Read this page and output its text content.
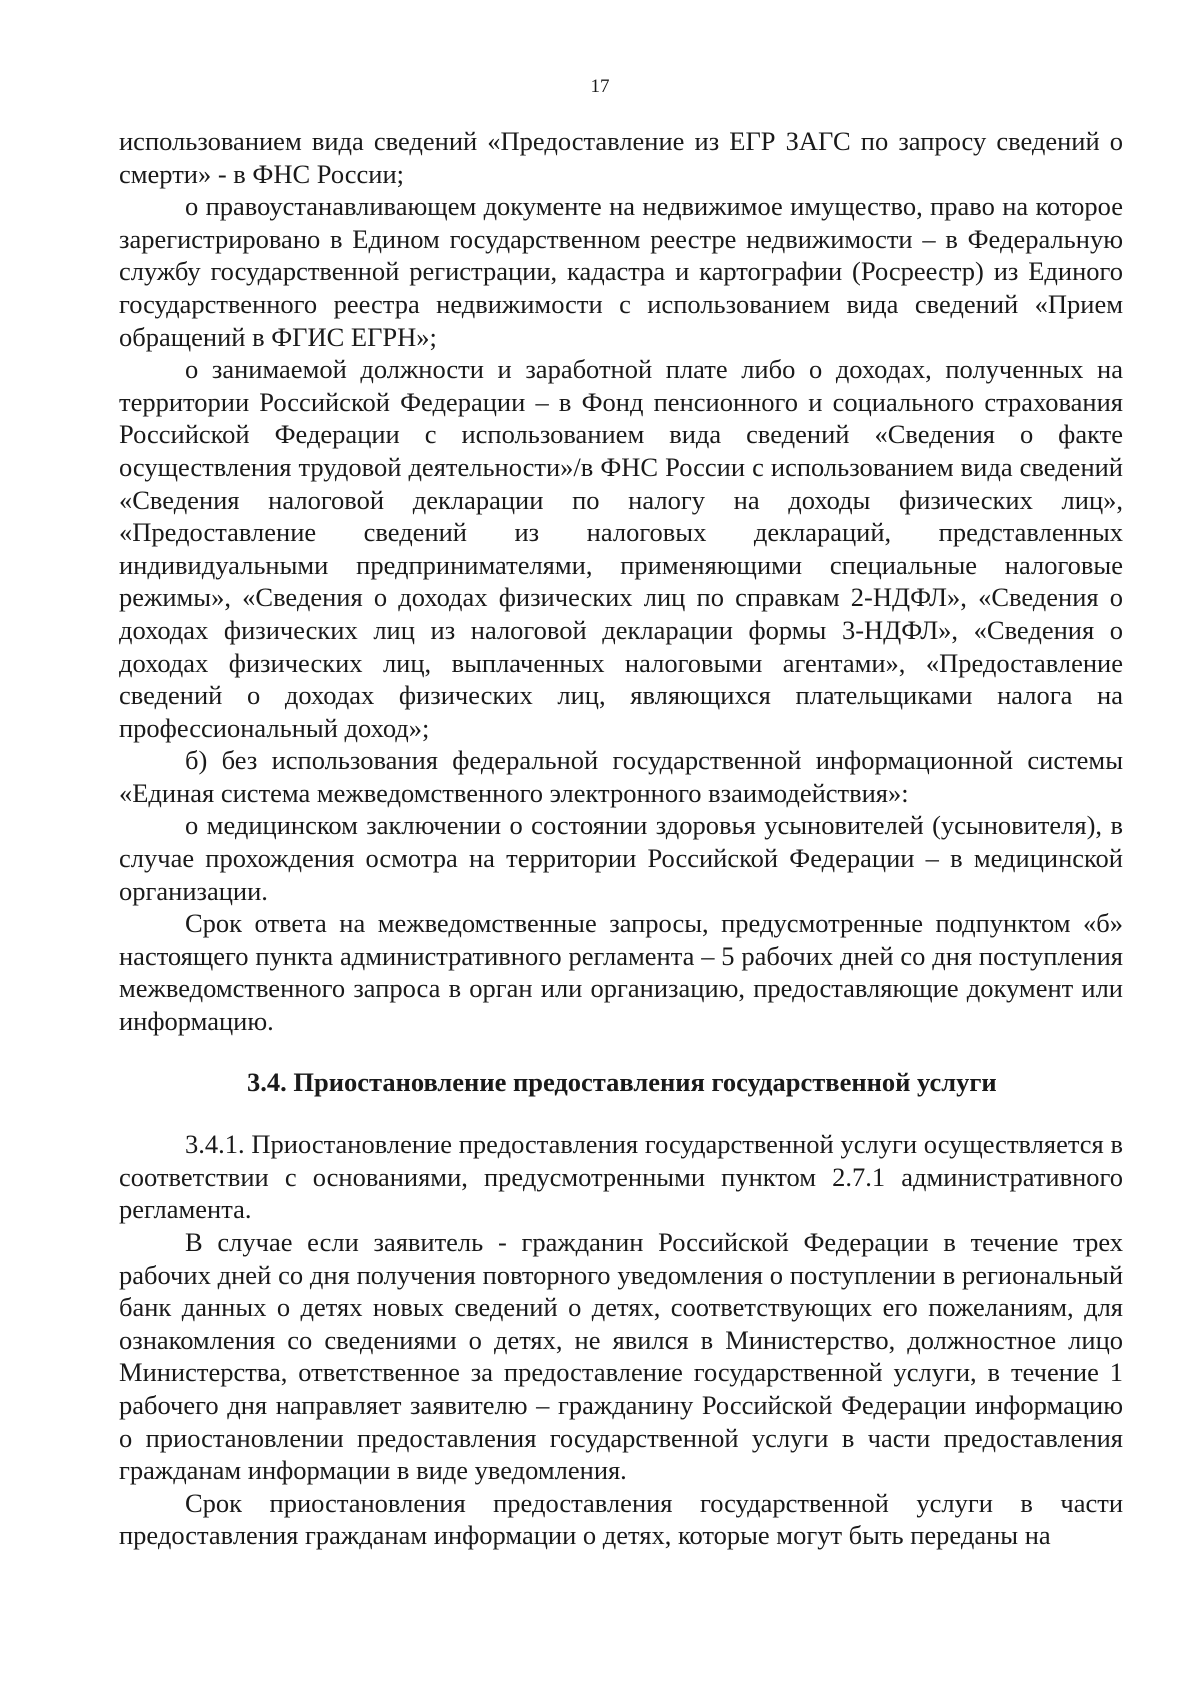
17

использованием вида сведений «Предоставление из ЕГР ЗАГС по запросу сведений о смерти» - в ФНС России;

о правоустанавливающем документе на недвижимое имущество, право на которое зарегистрировано в Едином государственном реестре недвижимости – в Федеральную службу государственной регистрации, кадастра и картографии (Росреестр) из Единого государственного реестра недвижимости с использованием вида сведений «Прием обращений в ФГИС ЕГРН»;

о занимаемой должности и заработной плате либо о доходах, полученных на территории Российской Федерации – в Фонд пенсионного и социального страхования Российской Федерации с использованием вида сведений «Сведения о факте осуществления трудовой деятельности»/в ФНС России с использованием вида сведений «Сведения налоговой декларации по налогу на доходы физических лиц», «Предоставление сведений из налоговых деклараций, представленных индивидуальными предпринимателями, применяющими специальные налоговые режимы», «Сведения о доходах физических лиц по справкам 2-НДФЛ», «Сведения о доходах физических лиц из налоговой декларации формы 3-НДФЛ», «Сведения о доходах физических лиц, выплаченных налоговыми агентами», «Предоставление сведений о доходах физических лиц, являющихся плательщиками налога на профессиональный доход»;

б) без использования федеральной государственной информационной системы «Единая система межведомственного электронного взаимодействия»:

о медицинском заключении о состоянии здоровья усыновителей (усыновителя), в случае прохождения осмотра на территории Российской Федерации – в медицинской организации.

Срок ответа на межведомственные запросы, предусмотренные подпунктом «б» настоящего пункта административного регламента – 5 рабочих дней со дня поступления межведомственного запроса в орган или организацию, предоставляющие документ или информацию.

3.4. Приостановление предоставления государственной услуги

3.4.1. Приостановление предоставления государственной услуги осуществляется в соответствии с основаниями, предусмотренными пунктом 2.7.1 административного регламента.

В случае если заявитель - гражданин Российской Федерации в течение трех рабочих дней со дня получения повторного уведомления о поступлении в региональный банк данных о детях новых сведений о детях, соответствующих его пожеланиям, для ознакомления со сведениями о детях, не явился в Министерство, должностное лицо Министерства, ответственное за предоставление государственной услуги, в течение 1 рабочего дня направляет заявителю – гражданину Российской Федерации информацию о приостановлении предоставления государственной услуги в части предоставления гражданам информации в виде уведомления.

Срок приостановления предоставления государственной услуги в части предоставления гражданам информации о детях, которые могут быть переданы на
